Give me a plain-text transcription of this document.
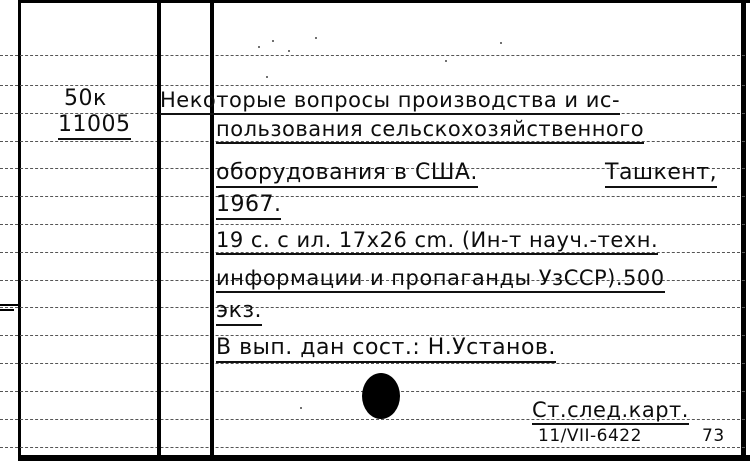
50к
11005
Некоторые вопросы производства и ис-
пользования сельскохозяйственного
оборудования в США.	Ташкент,
1967.
19 с. с ил. 17x26 cm. (Ин-т науч.-техн.
информации и пропаганды УзССР).500
экз.
В вып. дан сост.: Н.Установ.
Ст.след.карт.
11/VII-6422	73
